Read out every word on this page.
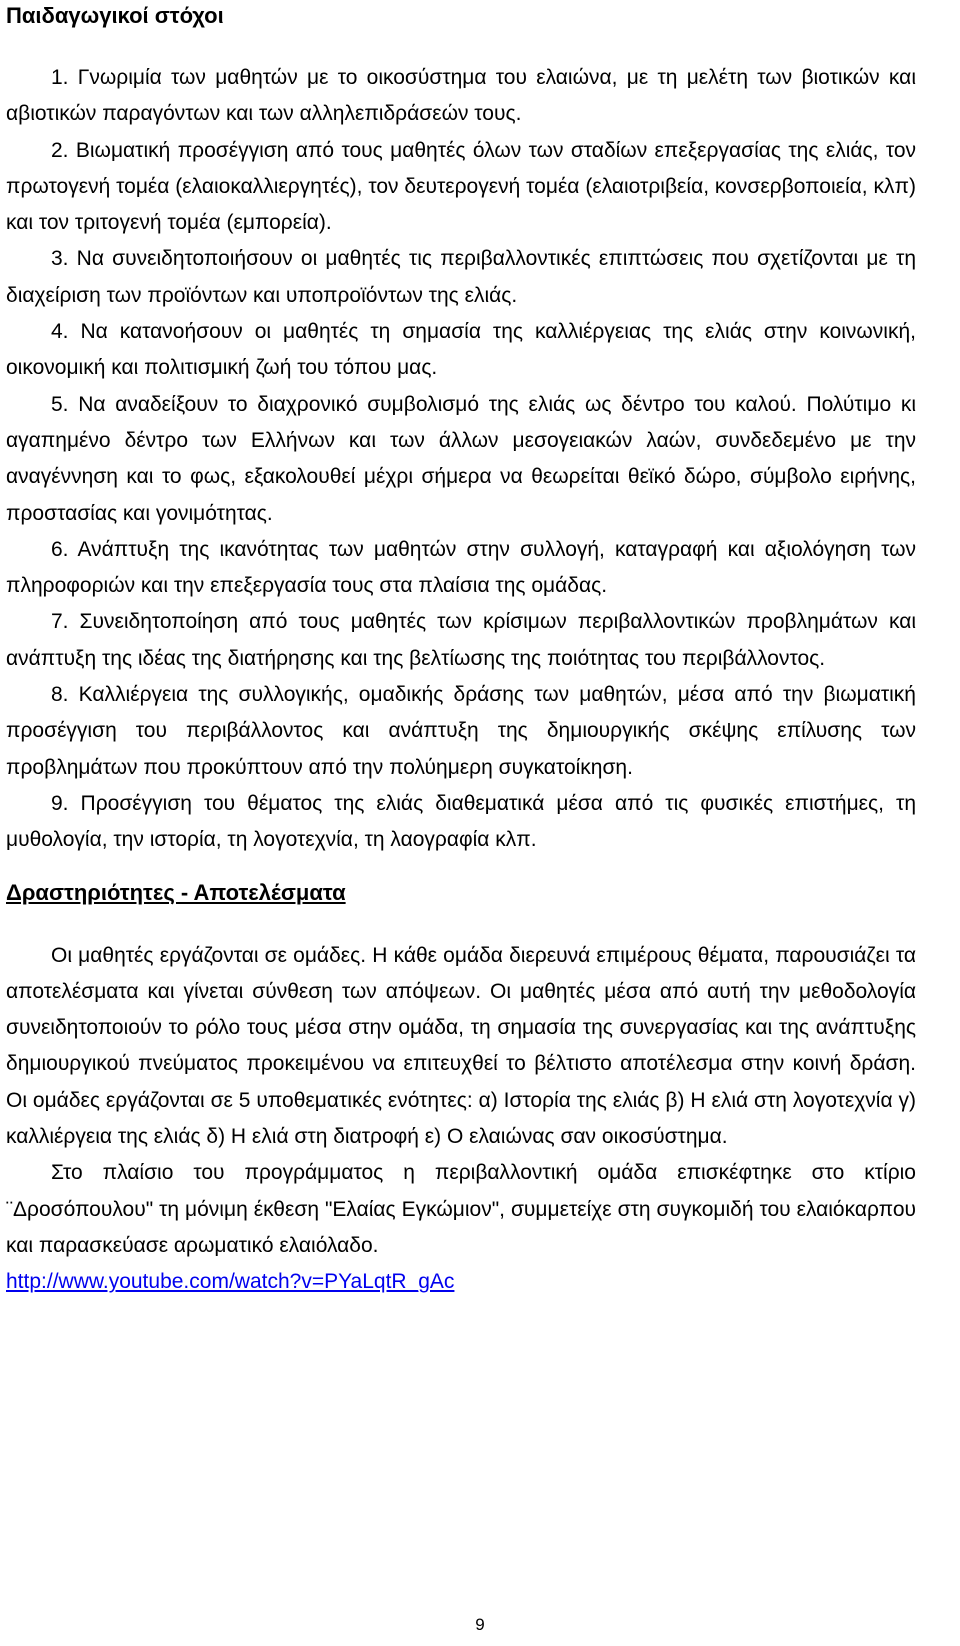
Παιδαγωγικοί στόχοι

1. Γνωριμία των μαθητών με το οικοσύστημα του ελαιώνα, με τη μελέτη των βιοτικών και αβιοτικών παραγόντων και των αλληλεπιδράσεών τους.

2. Βιωματική προσέγγιση από τους μαθητές όλων των σταδίων επεξεργασίας της ελιάς, τον πρωτογενή τομέα (ελαιοκαλλιεργητές), τον δευτερογενή τομέα (ελαιοτριβεία, κονσερβοποιεία, κλπ) και τον τριτογενή τομέα (εμπορεία).

3. Να συνειδητοποιήσουν οι μαθητές τις περιβαλλοντικές επιπτώσεις που σχετίζονται με τη διαχείριση των προϊόντων και υποπροϊόντων της ελιάς.

4. Να κατανοήσουν οι μαθητές τη σημασία της καλλιέργειας της ελιάς στην κοινωνική, οικονομική και πολιτισμική ζωή του τόπου μας.

5. Να αναδείξουν το διαχρονικό συμβολισμό της ελιάς ως δέντρο του καλού. Πολύτιμο κι αγαπημένο δέντρο των Ελλήνων και των άλλων μεσογειακών λαών, συνδεδεμένο με την αναγέννηση και το φως, εξακολουθεί μέχρι σήμερα να θεωρείται θεϊκό δώρο, σύμβολο ειρήνης, προστασίας και γονιμότητας.

6. Ανάπτυξη της ικανότητας των μαθητών στην συλλογή, καταγραφή και αξιολόγηση των πληροφοριών και την επεξεργασία τους στα πλαίσια της ομάδας.

7. Συνειδητοποίηση από τους μαθητές των κρίσιμων περιβαλλοντικών προβλημάτων και ανάπτυξη της ιδέας της διατήρησης και της βελτίωσης της ποιότητας του περιβάλλοντος.

8. Καλλιέργεια της συλλογικής, ομαδικής δράσης των μαθητών, μέσα από την βιωματική προσέγγιση του περιβάλλοντος και ανάπτυξη της δημιουργικής σκέψης επίλυσης των προβλημάτων που προκύπτουν από την πολύημερη συγκατοίκηση.

9. Προσέγγιση του θέματος της ελιάς διαθεματικά μέσα από τις φυσικές επιστήμες, τη μυθολογία, την ιστορία, τη λογοτεχνία, τη λαογραφία κλπ.

Δραστηριότητες - Αποτελέσματα

Οι μαθητές εργάζονται σε ομάδες. Η κάθε ομάδα διερευνά επιμέρους θέματα, παρουσιάζει τα αποτελέσματα και γίνεται σύνθεση των απόψεων. Οι μαθητές μέσα από αυτή την μεθοδολογία συνειδητοποιούν το ρόλο τους μέσα στην ομάδα, τη σημασία της συνεργασίας και της ανάπτυξης δημιουργικού πνεύματος προκειμένου να επιτευχθεί το βέλτιστο αποτέλεσμα στην κοινή δράση. Οι ομάδες εργάζονται σε 5 υποθεματικές ενότητες: α) Ιστορία της ελιάς β) Η ελιά στη λογοτεχνία γ) καλλιέργεια της ελιάς δ) Η ελιά στη διατροφή ε) Ο ελαιώνας σαν οικοσύστημα.

Στο πλαίσιο του προγράμματος η περιβαλλοντική ομάδα επισκέφτηκε στο κτίριο ¨Δροσόπουλου" τη μόνιμη έκθεση "Ελαίας Εγκώμιον", συμμετείχε στη συγκομιδή του ελαιόκαρπου και παρασκεύασε αρωματικό ελαιόλαδο.

http://www.youtube.com/watch?v=PYaLqtR_gAc
9
